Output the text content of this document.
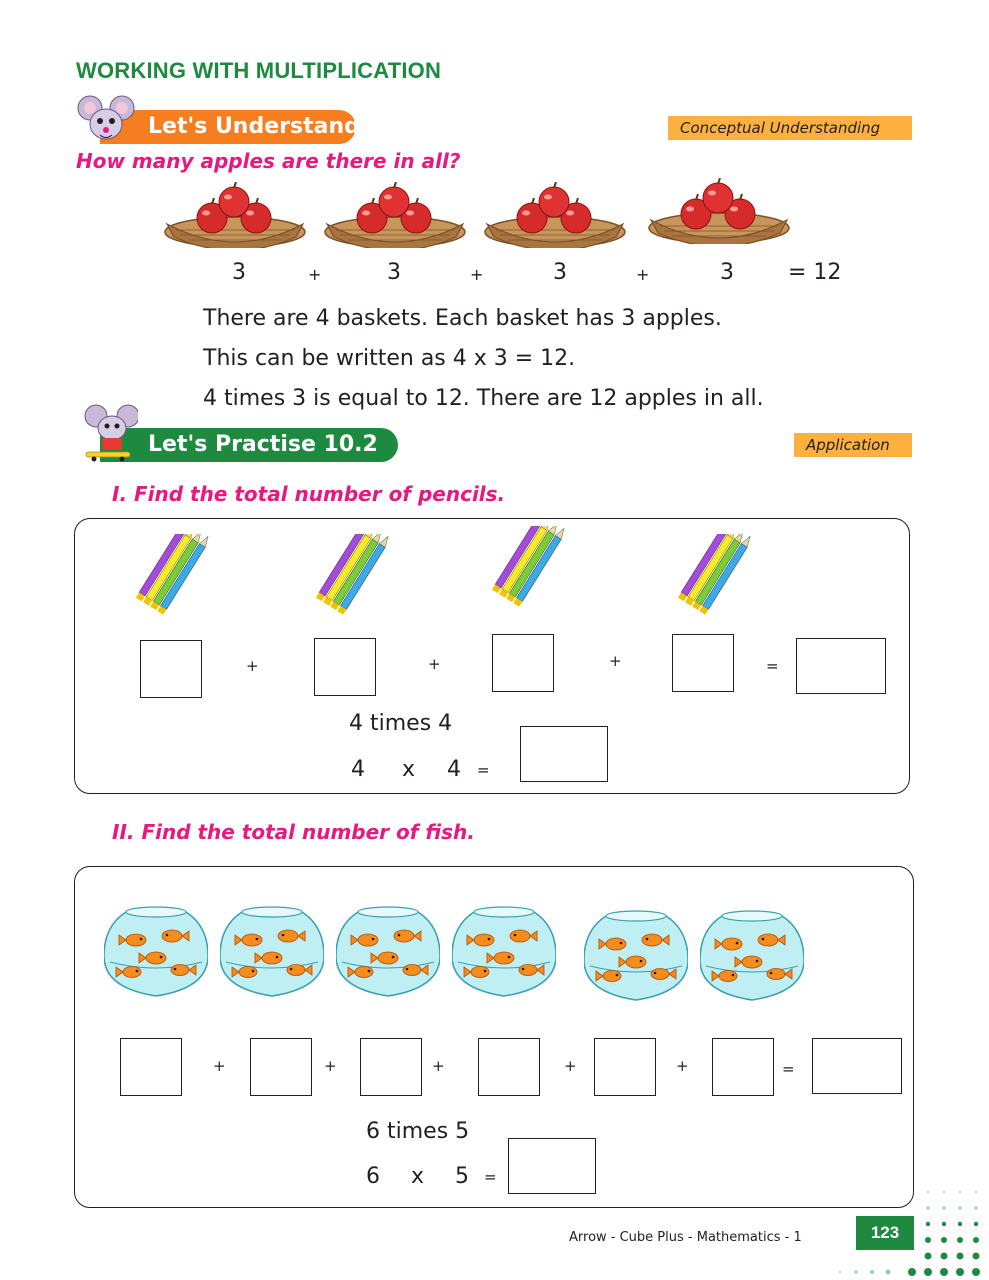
WORKING WITH MULTIPLICATION
Let's Understand	Conceptual Understanding
How many apples are there in all?
3	+	3	+	3	+	3 = 12
There are 4 baskets. Each basket has 3 apples.
This can be written as 4 x 3 = 12.
4 times 3 is equal to 12. There are 12 apples in all.
Let's Practise 10.2	Application
I. Find the total number of pencils.
+	+	+	=
4 times 4
4 x 4 =
II. Find the total number of fish.
+	+	+	+	+	=
6 times 5
6 x 5 =
Arrow - Cube Plus - Mathematics - 1	123
